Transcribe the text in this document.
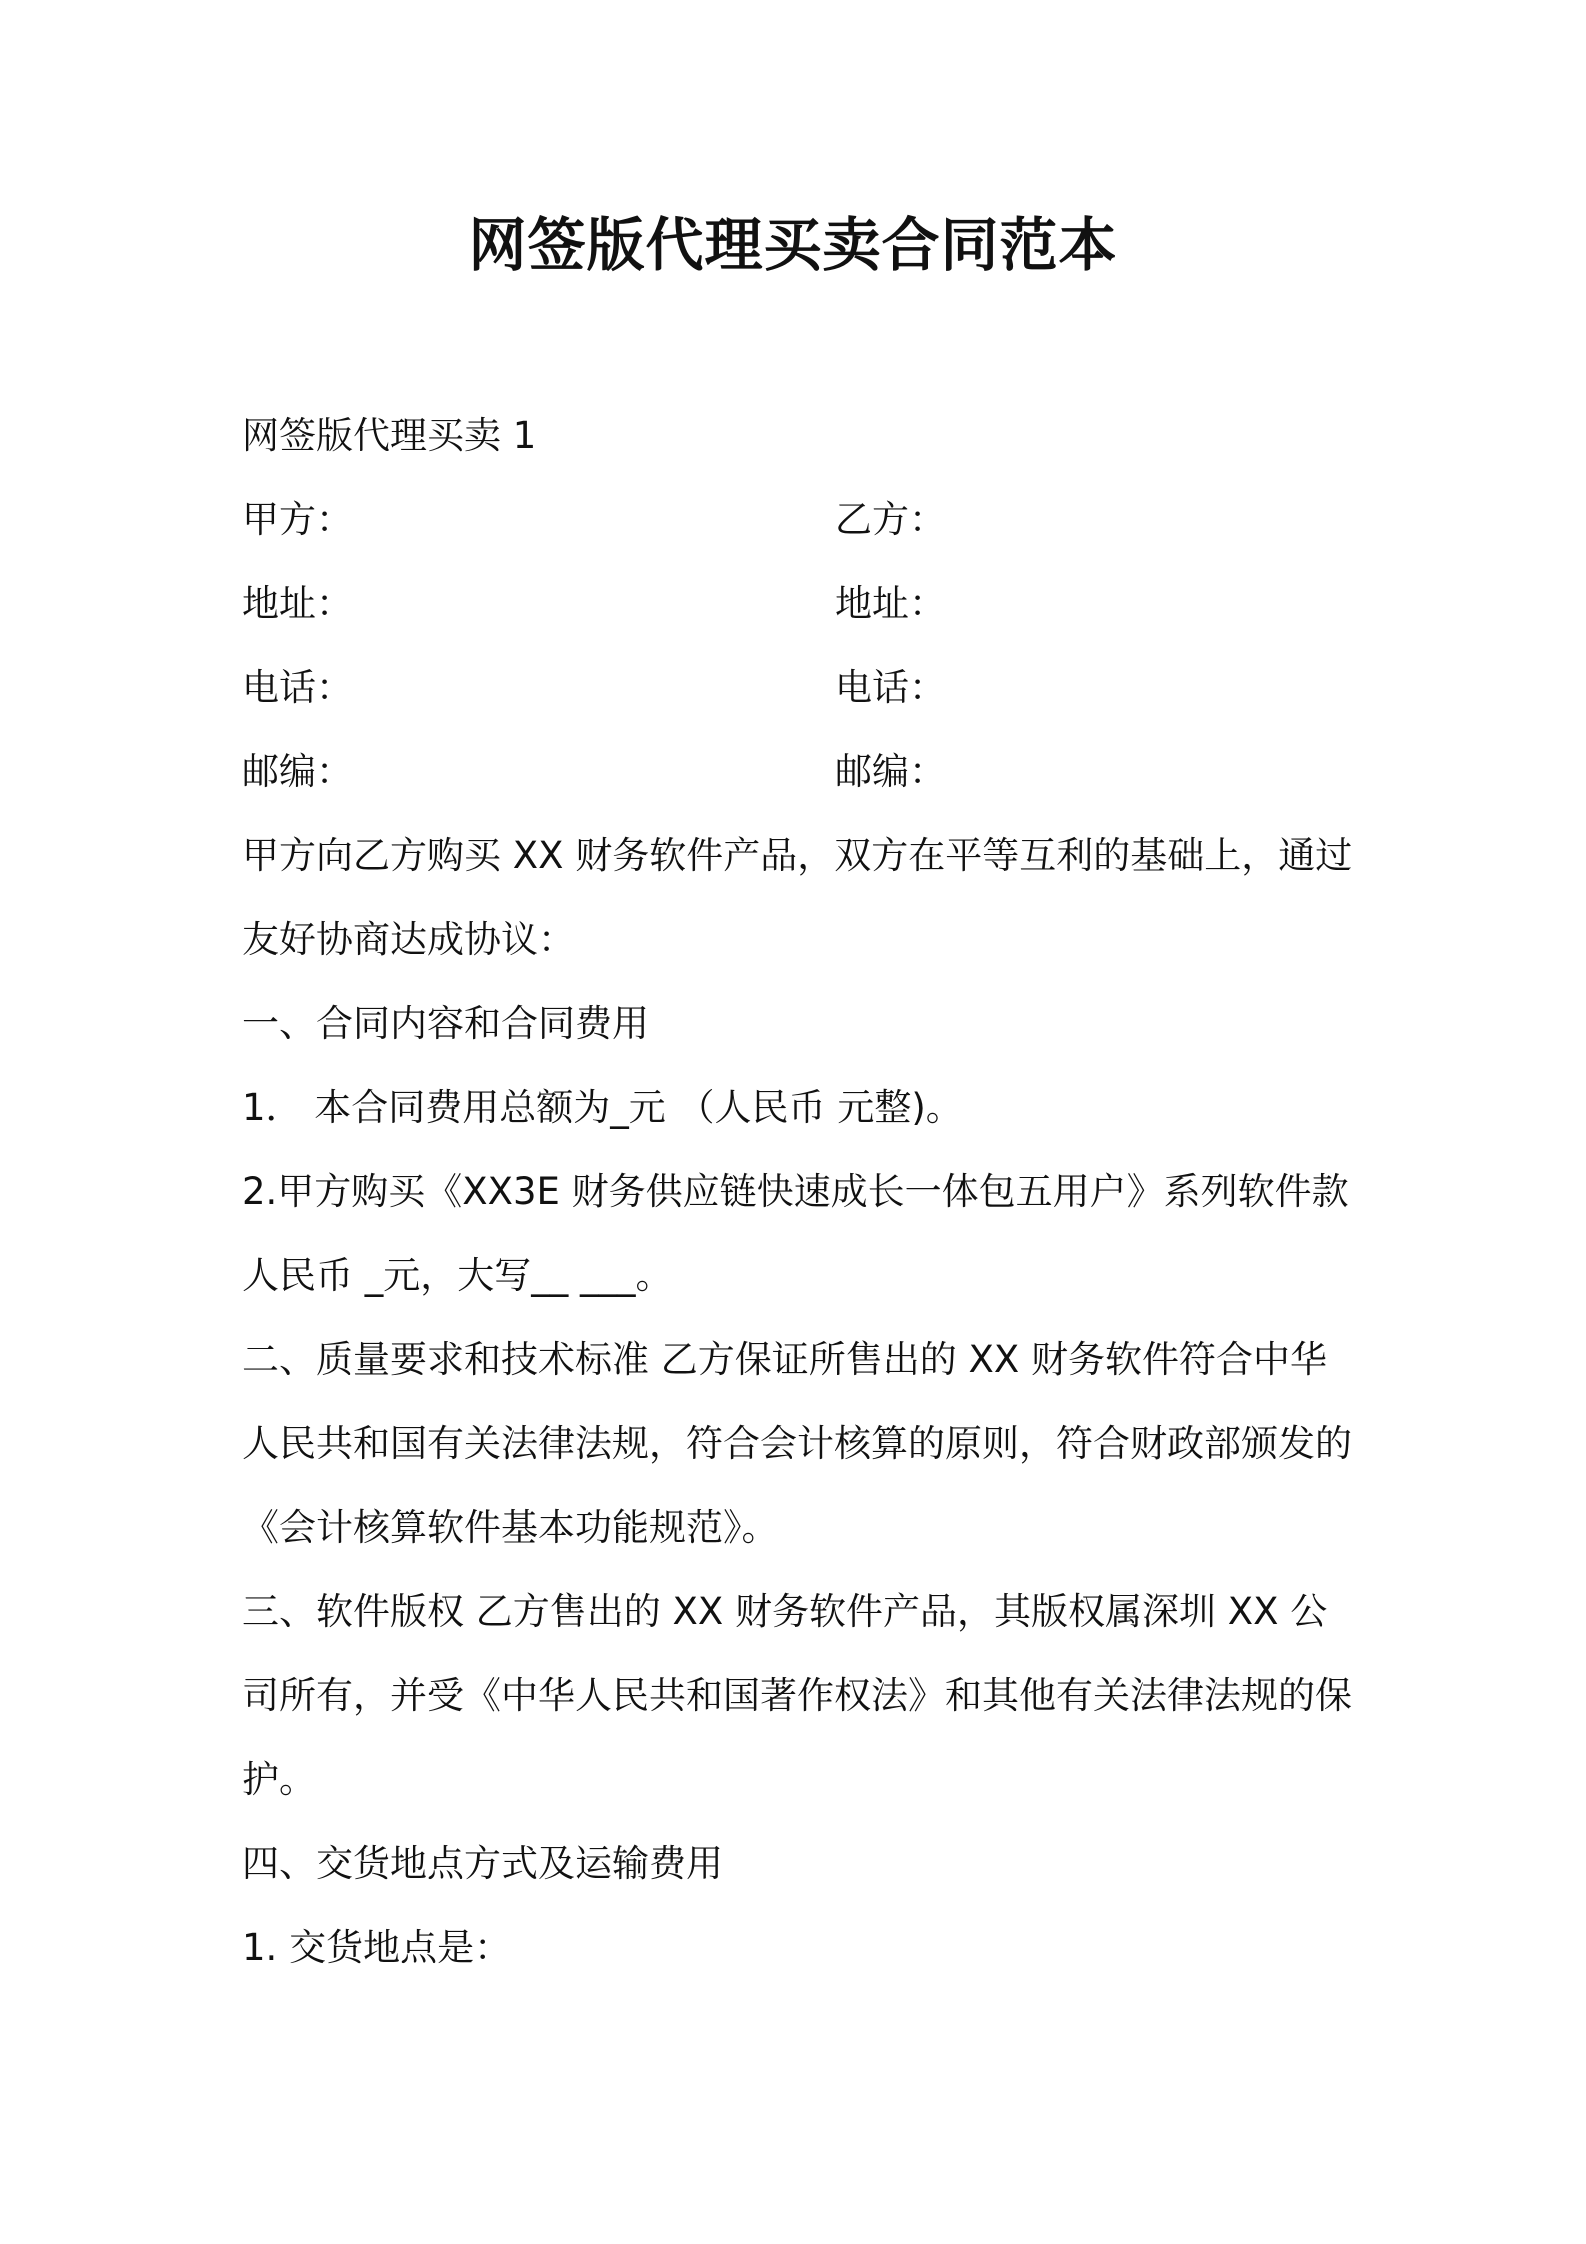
网签版代理买卖合同范本
网签版代理买卖 1
甲方：	乙方：
地址：	地址：
电话：	电话：
邮编：	邮编：
甲方向乙方购买 XX 财务软件产品，双方在平等互利的基础上，通过
友好协商达成协议：
一、合同内容和合同费用
1． 本合同费用总额为_元 （人民币 元整)。
2.甲方购买《XX3E 财务供应链快速成长一体包五用户》系列软件款
人民币 _元，大写__ ___。
二、质量要求和技术标准 乙方保证所售出的 XX 财务软件符合中华
人民共和国有关法律法规，符合会计核算的原则，符合财政部颁发的
《会计核算软件基本功能规范》。
三、软件版权 乙方售出的 XX 财务软件产品，其版权属深圳 XX 公
司所有，并受《中华人民共和国著作权法》和其他有关法律法规的保
护。
四、交货地点方式及运输费用
1. 交货地点是：
